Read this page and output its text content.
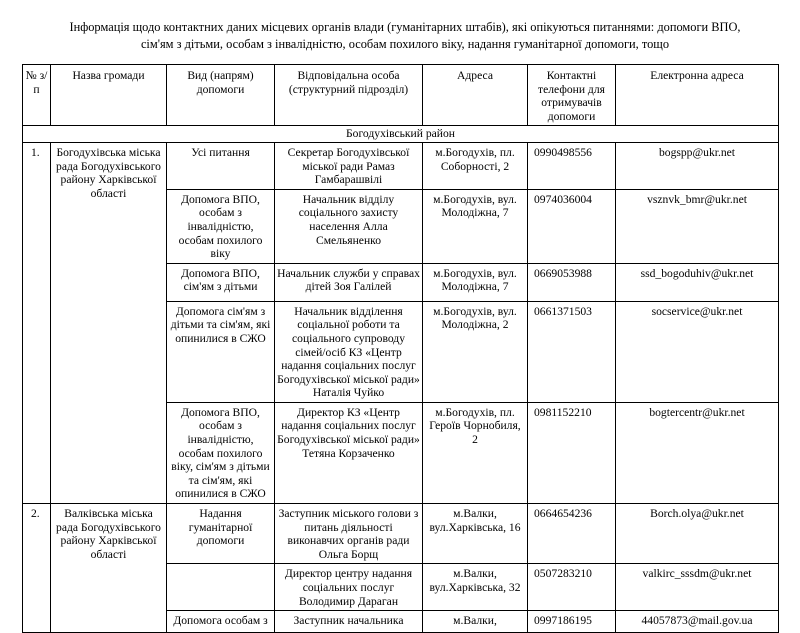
Інформація щодо контактних даних місцевих органів влади (гуманітарних штабів), які опікуються питаннями: допомоги ВПО,
сім'ям з дітьми, особам з інвалідністю, особам похилого віку, надання гуманітарної допомоги, тощо
№ з/п	Назва громади	Вид (напрям) допомоги	Відповідальна особа (структурний підрозділ)	Адреса	Контактні телефони для отримувачів допомоги	Електронна адреса
Богодухівський район						
1.	Богодухівська міська рада Богодухівського району Харківської області	Усі питання	Секретар Богодухівської міської ради Рамаз Гамбарашвілі	м.Богодухів, пл. Соборності, 2	0990498556	bogspp@ukr.net
		Допомога ВПО, особам з інвалідністю, особам похилого віку	Начальник відділу соціального захисту населення Алла Смельяненко	м.Богодухів, вул. Молодіжна, 7	0974036004	vsznvk_bmr@ukr.net
		Допомога ВПО, сім'ям з дітьми	Начальник служби у справах дітей Зоя Галілей	м.Богодухів, вул. Молодіжна, 7	0669053988	ssd_bogoduhiv@ukr.net
		Допомога сім'ям з дітьми та сім'ям, які опинилися в СЖО	Начальник відділення соціальної роботи та соціального супроводу сімей/осіб КЗ «Центр надання соціальних послуг Богодухівської міської ради» Наталія Чуйко	м.Богодухів, вул. Молодіжна, 2	0661371503	socservice@ukr.net
		Допомога ВПО, особам з інвалідністю, особам похилого віку, сім'ям з дітьми та сім'ям, які опинилися в СЖО	Директор КЗ «Центр надання соціальних послуг Богодухівської міської ради» Тетяна Корзаченко	м.Богодухів, пл. Героїв Чорнобиля, 2	0981152210	bogtercentr@ukr.net
2.	Валківська міська рада Богодухівського району Харківської області	Надання гуманітарної допомоги	Заступник міського голови з питань діяльності виконавчих органів ради Ольга Борщ	м.Валки, вул.Харківська, 16	0664654236	Borch.olya@ukr.net
			Директор центру надання соціальних послуг Володимир Дараган	м.Валки, вул.Харківська, 32	0507283210	valkirc_sssdm@ukr.net
		Допомога особам з	Заступник начальника	м.Валки,	0997186195	44057873@mail.gov.ua
